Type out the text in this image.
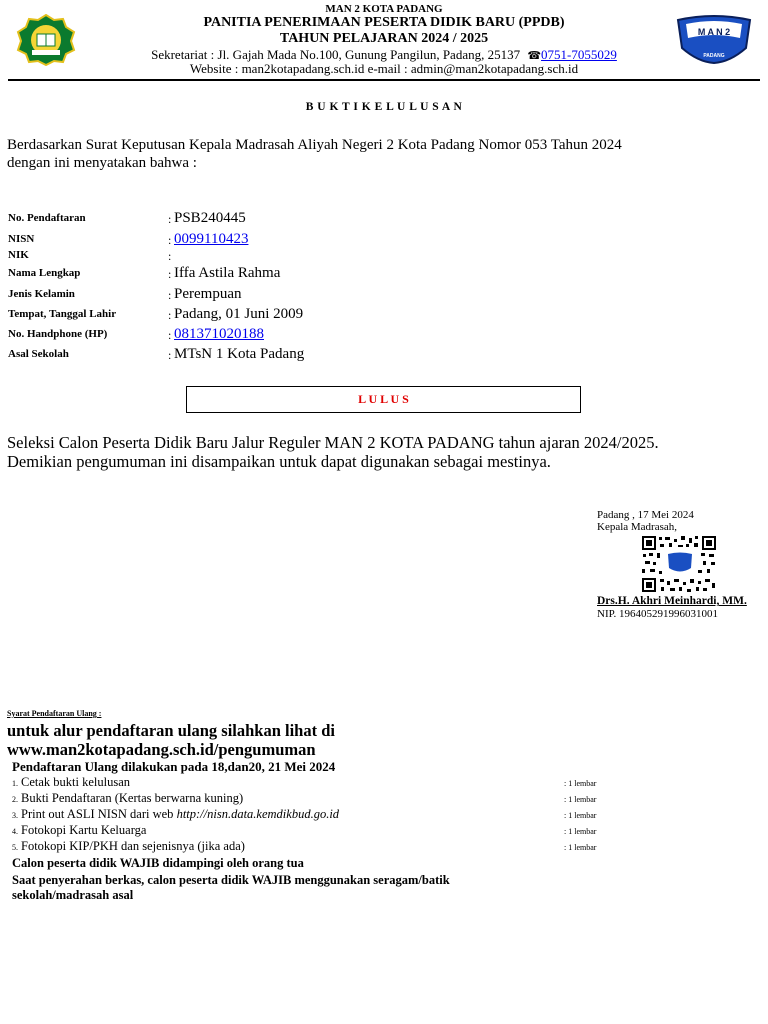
MAN 2 KOTA PADANG
PANITIA PENERIMAAN PESERTA DIDIK BARU (PPDB)
TAHUN PELAJARAN 2024 / 2025
Sekretariat : Jl. Gajah Mada No.100, Gunung Pangilun, Padang, 25137 ☎0751-7055029
Website : man2kotapadang.sch.id e-mail : admin@man2kotapadang.sch.id
M A N 2
PADANG
B U K T I K E L U L U S A N
Berdasarkan Surat Keputusan Kepala Madrasah Aliyah Negeri 2 Kota Padang Nomor 053 Tahun 2024
dengan ini menyatakan bahwa :
No. Pendaftaran	: PSB240445
NISN	: 0099110423
NIK	:
Nama Lengkap	: Iffa Astila Rahma
Jenis Kelamin	: Perempuan
Tempat, Tanggal Lahir	: Padang, 01 Juni 2009
No. Handphone (HP)	: 081371020188
Asal Sekolah	: MTsN 1 Kota Padang
L U L U S
Seleksi Calon Peserta Didik Baru Jalur Reguler MAN 2 KOTA PADANG tahun ajaran 2024/2025.
Demikian pengumuman ini disampaikan untuk dapat digunakan sebagai mestinya.
Padang , 17 Mei 2024
Kepala Madrasah,
Drs.H. Akhri Meinhardi, MM.
NIP. 196405291996031001
Syarat Pendaftaran Ulang :
untuk alur pendaftaran ulang silahkan lihat di
www.man2kotapadang.sch.id/pengumuman
Pendaftaran Ulang dilakukan pada 18,dan20, 21 Mei 2024
1. Cetak bukti kelulusan	: 1 lembar
2. Bukti Pendaftaran (Kertas berwarna kuning)	: 1 lembar
3. Print out ASLI NISN dari web http://nisn.data.kemdikbud.go.id	: 1 lembar
4. Fotokopi Kartu Keluarga	: 1 lembar
5. Fotokopi KIP/PKH dan sejenisnya (jika ada)	: 1 lembar
Calon peserta didik WAJIB didampingi oleh orang tua
Saat penyerahan berkas, calon peserta didik WAJIB menggunakan seragam/batik sekolah/madrasah asal
